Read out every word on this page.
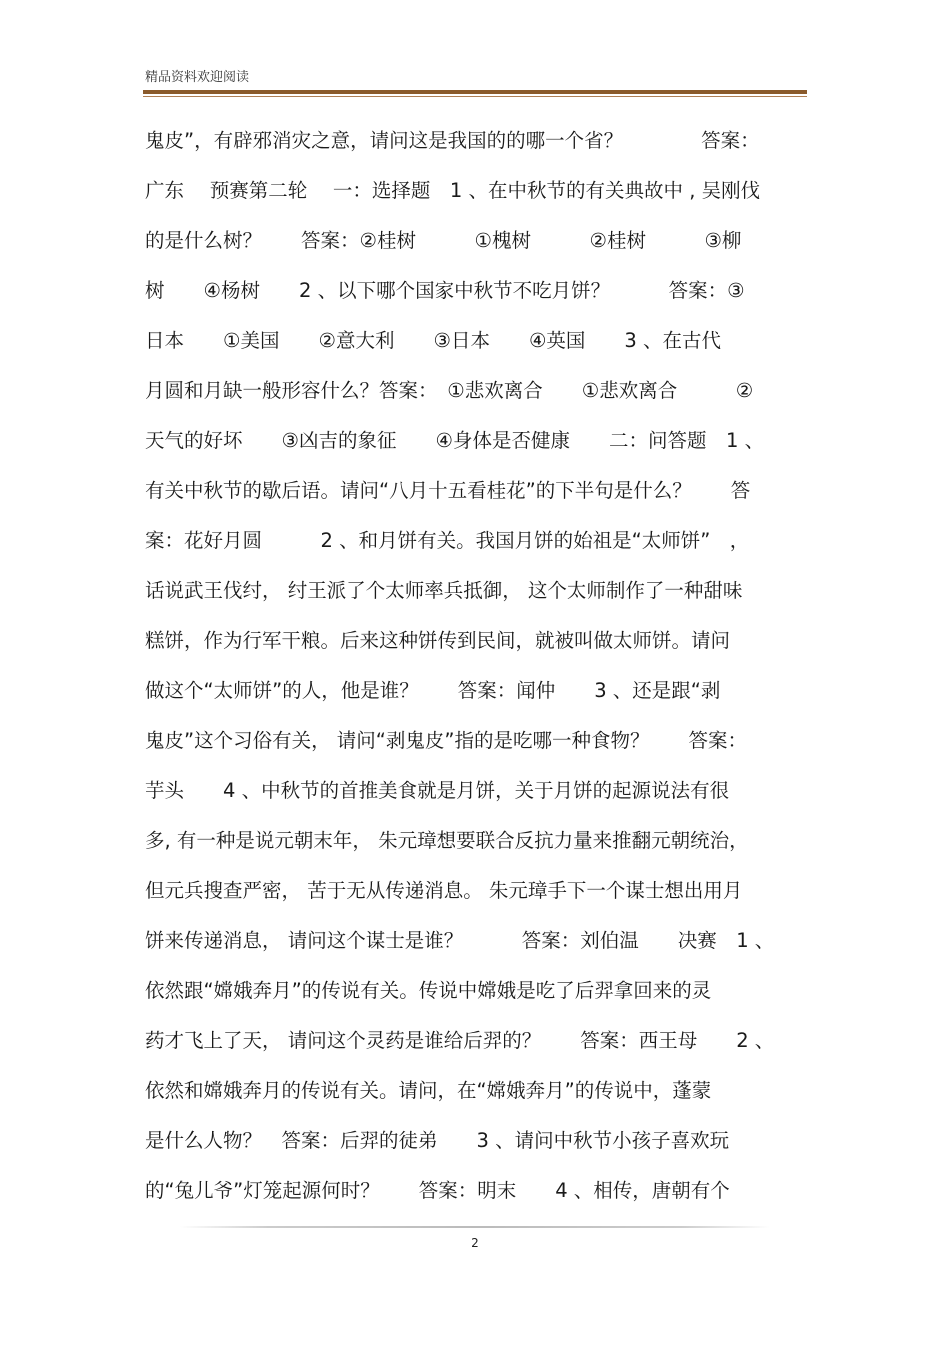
精品资料欢迎阅读
鬼皮”，有辟邪消灾之意，请问这是我国的的哪一个省？　　　　答案：
广东　 预赛第二轮　 一：选择题　1 、在中秋节的有关典故中 , 吴刚伐
的是什么树？　　答案：②桂树　　　①槐树　　　②桂树　　　③柳
树　　④杨树　　2 、以下哪个国家中秋节不吃月饼？　　　答案：③
日本　　①美国　　②意大利　　③日本　　④英国　　3 、在古代
月圆和月缺一般形容什么？答案：　①悲欢离合　　①悲欢离合　　　②
天气的好坏　　③凶吉的象征　　④身体是否健康　　二：问答题　1 、
有关中秋节的歇后语。请问“八月十五看桂花”的下半句是什么？　　答
案：花好月圆　　　2 、和月饼有关。我国月饼的始祖是“太师饼”　，
话说武王伐纣， 纣王派了个太师率兵抵御， 这个太师制作了一种甜味
糕饼，作为行军干粮。后来这种饼传到民间，就被叫做太师饼。请问
做这个“太师饼”的人，他是谁？　　答案：闻仲　　3 、还是跟“剥
鬼皮”这个习俗有关， 请问“剥鬼皮”指的是吃哪一种食物？　　答案：
芋头　　4 、中秋节的首推美食就是月饼，关于月饼的起源说法有很
多, 有一种是说元朝末年， 朱元璋想要联合反抗力量来推翻元朝统治，
但元兵搜查严密， 苦于无从传递消息。 朱元璋手下一个谋士想出用月
饼来传递消息， 请问这个谋士是谁？　　　答案：刘伯温　　决赛　1 、
依然跟“嫦娥奔月”的传说有关。传说中嫦娥是吃了后羿拿回来的灵
药才飞上了天， 请问这个灵药是谁给后羿的？　　答案：西王母　　2 、
依然和嫦娥奔月的传说有关。请问，在“嫦娥奔月”的传说中，蓬蒙
是什么人物？　答案：后羿的徒弟　　3 、请问中秋节小孩子喜欢玩
的“兔儿爷”灯笼起源何时？　　答案：明末　　4 、相传，唐朝有个
2
